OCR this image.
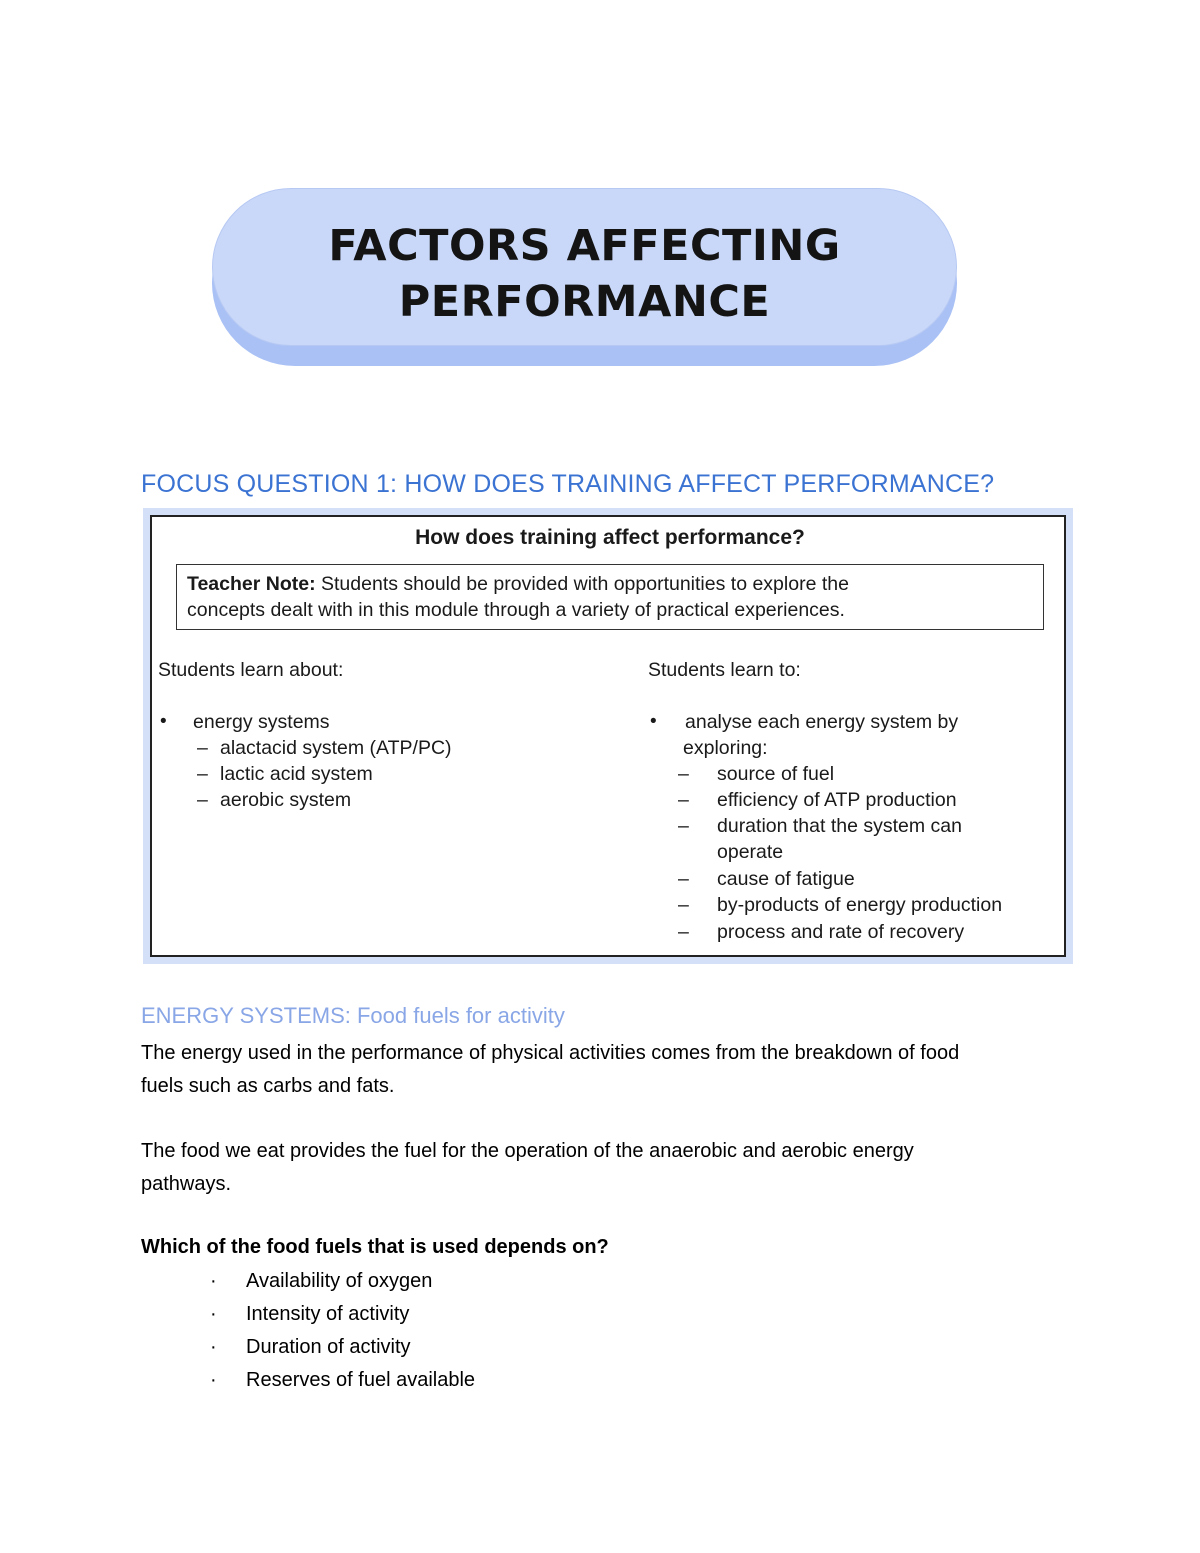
FACTORS AFFECTING
PERFORMANCE
FOCUS QUESTION 1: HOW DOES TRAINING AFFECT PERFORMANCE?
How does training affect performance?
Teacher Note: Students should be provided with opportunities to explore the
concepts dealt with in this module through a variety of practical experiences.
Students learn about:
• energy systems
– alactacid system (ATP/PC)
– lactic acid system
– aerobic system
Students learn to:
• analyse each energy system by
exploring:
– source of fuel
– efficiency of ATP production
– duration that the system can
operate
– cause of fatigue
– by-products of energy production
– process and rate of recovery
ENERGY SYSTEMS: Food fuels for activity
The energy used in the performance of physical activities comes from the breakdown of food
fuels such as carbs and fats.
The food we eat provides the fuel for the operation of the anaerobic and aerobic energy
pathways.
Which of the food fuels that is used depends on?
· Availability of oxygen
· Intensity of activity
· Duration of activity
· Reserves of fuel available
